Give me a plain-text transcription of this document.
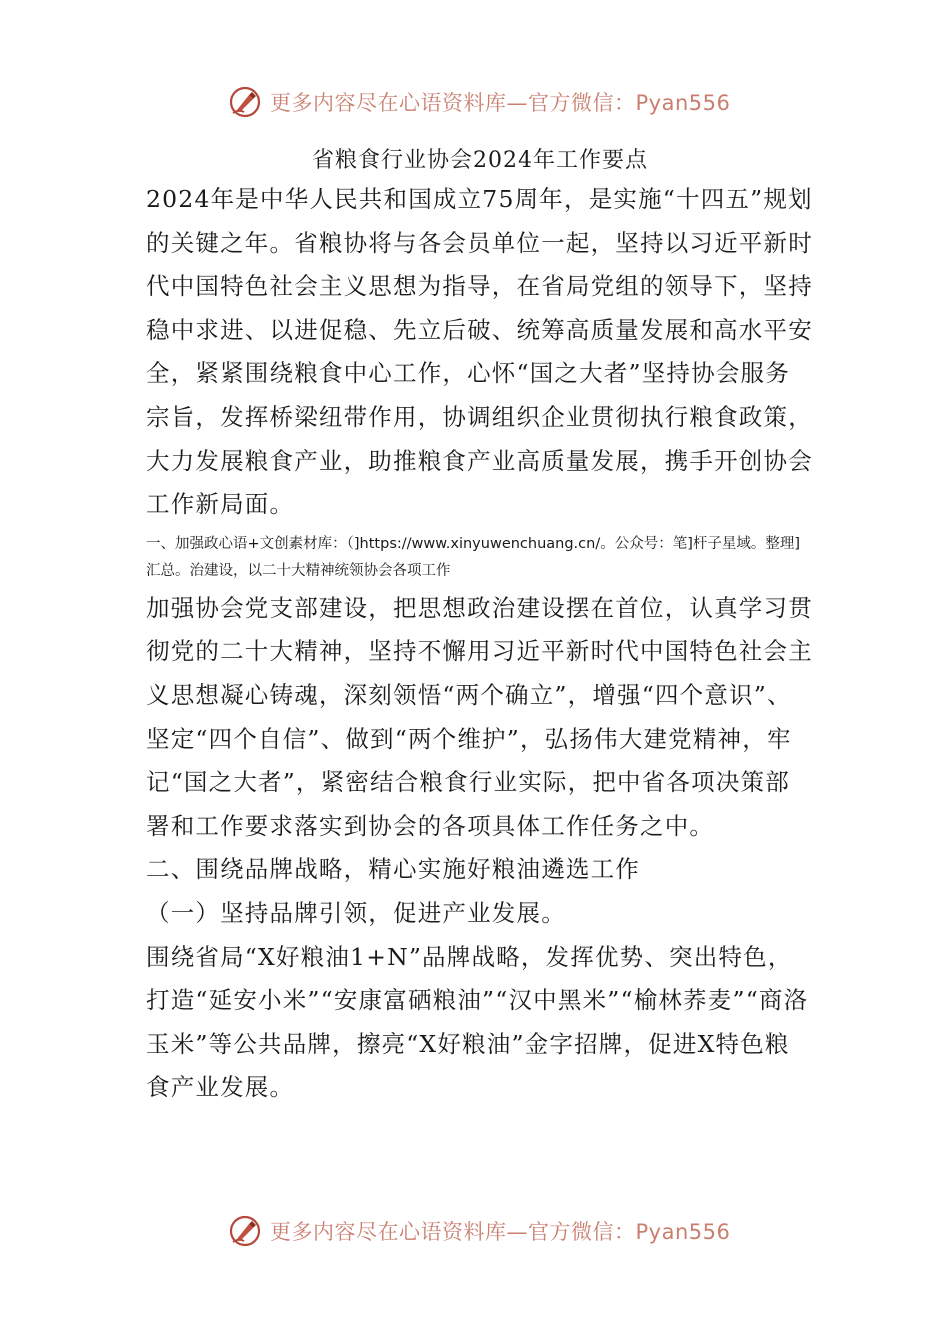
更多内容尽在心语资料库—官方微信：Pyan556
省粮食行业协会2024年工作要点

2024年是中华人民共和国成立75周年，是实施“十四五”规划的关键之年。省粮协将与各会员单位一起，坚持以习近平新时代中国特色社会主义思想为指导，在省局党组的领导下，坚持稳中求进、以进促稳、先立后破、统筹高质量发展和高水平安全，紧紧围绕粮食中心工作，心怀“国之大者”坚持协会服务宗旨，发挥桥梁纽带作用，协调组织企业贯彻执行粮食政策，大力发展粮食产业，助推粮食产业高质量发展，携手开创协会工作新局面。

一、加强政心语+文创素材库：（]https://www.xinyuwenchuang.cn/。公众号：笔]杆子星域。整理]汇总。治建设，以二十大精神统领协会各项工作

加强协会党支部建设，把思想政治建设摆在首位，认真学习贯彻党的二十大精神，坚持不懈用习近平新时代中国特色社会主义思想凝心铸魂，深刻领悟“两个确立”，增强“四个意识”、坚定“四个自信”、做到“两个维护”，弘扬伟大建党精神，牢记“国之大者”，紧密结合粮食行业实际，把中省各项决策部署和工作要求落实到协会的各项具体工作任务之中。

二、围绕品牌战略，精心实施好粮油遴选工作

（一）坚持品牌引领，促进产业发展。

围绕省局“X好粮油1+N”品牌战略，发挥优势、突出特色，打造“延安小米”“安康富硒粮油”“汉中黑米”“榆林荞麦”“商洛玉米”等公共品牌，擦亮“X好粮油”金字招牌，促进X特色粮食产业发展。

更多内容尽在心语资料库—官方微信：Pyan556
